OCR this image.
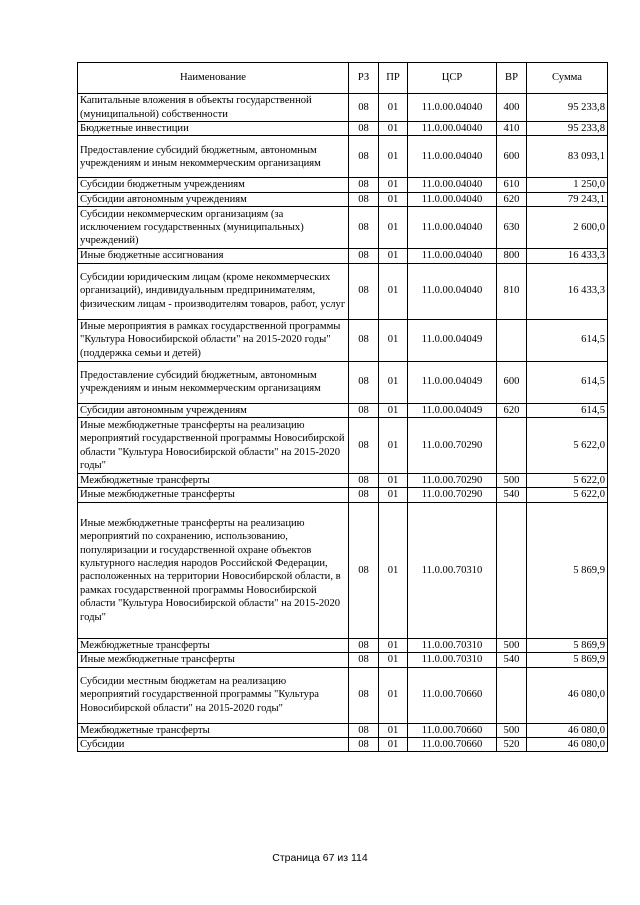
Наименование	РЗ	ПР	ЦСР	ВР	Сумма
Капитальные вложения в объекты государственной (муниципальной) собственности	08	01	11.0.00.04040	400	95 233,8
Бюджетные инвестиции	08	01	11.0.00.04040	410	95 233,8
Предоставление субсидий бюджетным, автономным учреждениям и иным некоммерческим организациям	08	01	11.0.00.04040	600	83 093,1
Субсидии бюджетным учреждениям	08	01	11.0.00.04040	610	1 250,0
Субсидии автономным учреждениям	08	01	11.0.00.04040	620	79 243,1
Субсидии некоммерческим организациям (за исключением государственных (муниципальных) учреждений)	08	01	11.0.00.04040	630	2 600,0
Иные бюджетные ассигнования	08	01	11.0.00.04040	800	16 433,3
Субсидии юридическим лицам (кроме некоммерческих организаций), индивидуальным предпринимателям, физическим лицам - производителям товаров, работ, услуг	08	01	11.0.00.04040	810	16 433,3
Иные мероприятия в рамках государственной программы "Культура Новосибирской области" на 2015-2020 годы"(поддержка семьи и детей)	08	01	11.0.00.04049		614,5
Предоставление субсидий бюджетным, автономным учреждениям и иным некоммерческим организациям	08	01	11.0.00.04049	600	614,5
Субсидии автономным учреждениям	08	01	11.0.00.04049	620	614,5
Иные межбюджетные трансферты на реализацию мероприятий государственной программы Новосибирской области "Культура Новосибирской области" на 2015-2020 годы"	08	01	11.0.00.70290		5 622,0
Межбюджетные трансферты	08	01	11.0.00.70290	500	5 622,0
Иные межбюджетные трансферты	08	01	11.0.00.70290	540	5 622,0
Иные межбюджетные трансферты на реализацию мероприятий по сохранению, использованию, популяризации и государственной охране объектов культурного наследия народов Российской Федерации, расположенных на территории Новосибирской области, в рамках государственной программы Новосибирской области "Культура Новосибирской области" на 2015-2020 годы"	08	01	11.0.00.70310		5 869,9
Межбюджетные трансферты	08	01	11.0.00.70310	500	5 869,9
Иные межбюджетные трансферты	08	01	11.0.00.70310	540	5 869,9
Субсидии местным бюджетам на реализацию мероприятий государственной программы "Культура Новосибирской области" на 2015-2020 годы"	08	01	11.0.00.70660		46 080,0
Межбюджетные трансферты	08	01	11.0.00.70660	500	46 080,0
Субсидии	08	01	11.0.00.70660	520	46 080,0
Страница 67 из 114
